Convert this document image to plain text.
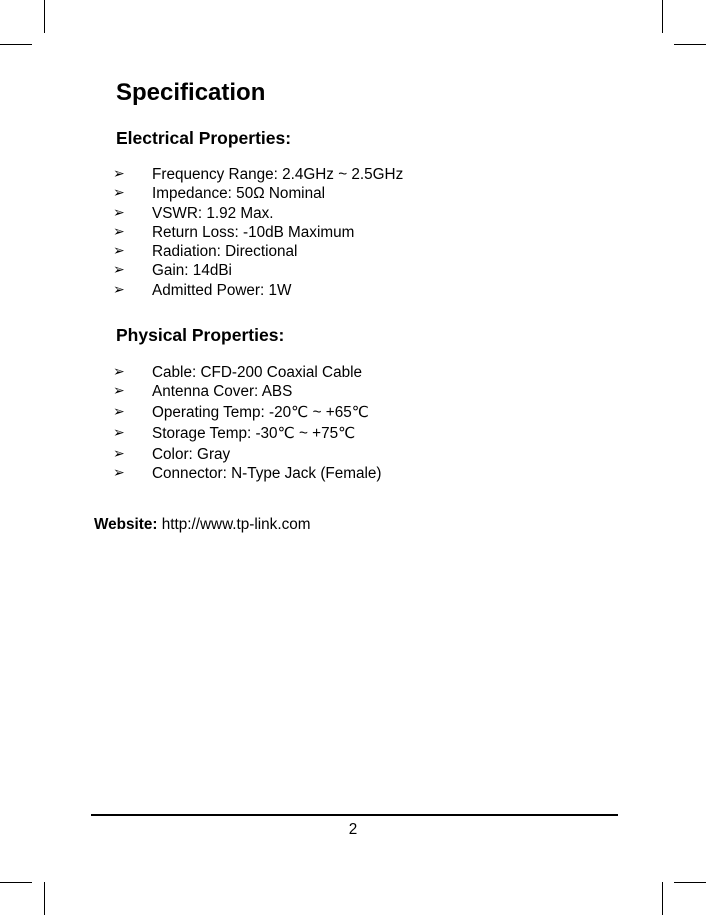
Specification
Electrical Properties:
➢ Frequency Range: 2.4GHz ~ 2.5GHz
➢ Impedance: 50Ω Nominal
➢ VSWR: 1.92 Max.
➢ Return Loss: -10dB Maximum
➢ Radiation: Directional
➢ Gain: 14dBi
➢ Admitted Power: 1W
Physical Properties:
➢ Cable: CFD-200 Coaxial Cable
➢ Antenna Cover: ABS
➢ Operating Temp: -20℃ ~ +65℃
➢ Storage Temp: -30℃ ~ +75℃
➢ Color: Gray
➢ Connector: N-Type Jack (Female)
Website: http://www.tp-link.com
2
